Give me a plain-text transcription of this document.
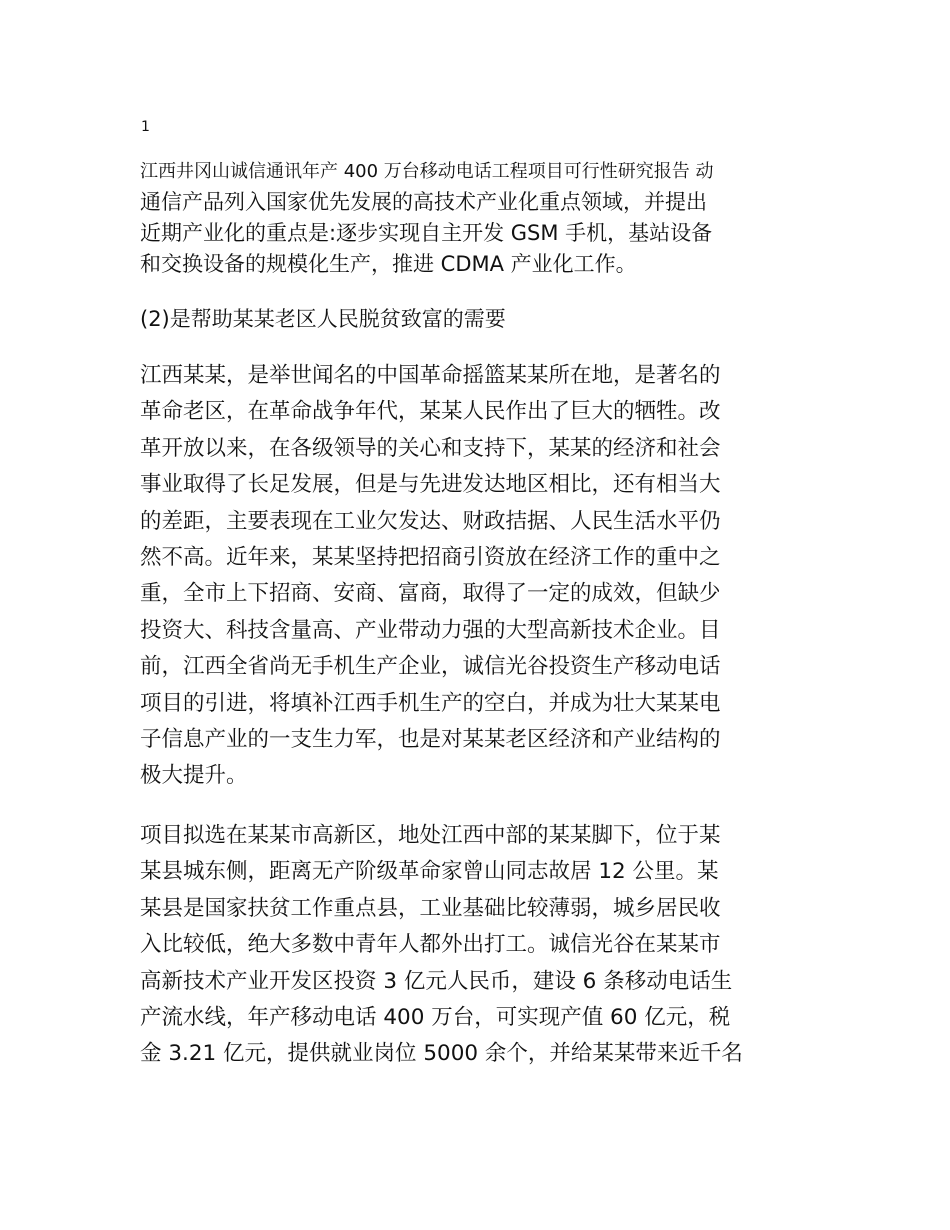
1

江西井冈山诚信通讯年产 400 万台移动电话工程项目可行性研究报告 动
通信产品列入国家优先发展的高技术产业化重点领域，并提出
近期产业化的重点是:逐步实现自主开发 GSM 手机，基站设备
和交换设备的规模化生产，推进 CDMA 产业化工作。

(2)是帮助某某老区人民脱贫致富的需要

江西某某，是举世闻名的中国革命摇篮某某所在地，是著名的
革命老区，在革命战争年代，某某人民作出了巨大的牺牲。改
革开放以来，在各级领导的关心和支持下，某某的经济和社会
事业取得了长足发展，但是与先进发达地区相比，还有相当大
的差距，主要表现在工业欠发达、财政拮据、人民生活水平仍
然不高。近年来，某某坚持把招商引资放在经济工作的重中之
重，全市上下招商、安商、富商，取得了一定的成效，但缺少
投资大、科技含量高、产业带动力强的大型高新技术企业。目
前，江西全省尚无手机生产企业，诚信光谷投资生产移动电话
项目的引进，将填补江西手机生产的空白，并成为壮大某某电
子信息产业的一支生力军，也是对某某老区经济和产业结构的
极大提升。
项目拟选在某某市高新区，地处江西中部的某某脚下，位于某
某县城东侧，距离无产阶级革命家曾山同志故居 12 公里。某
某县是国家扶贫工作重点县，工业基础比较薄弱，城乡居民收
入比较低，绝大多数中青年人都外出打工。诚信光谷在某某市
高新技术产业开发区投资 3 亿元人民币，建设 6 条移动电话生
产流水线，年产移动电话 400 万台，可实现产值 60 亿元，税
金 3.21 亿元，提供就业岗位 5000 余个，并给某某带来近千名
